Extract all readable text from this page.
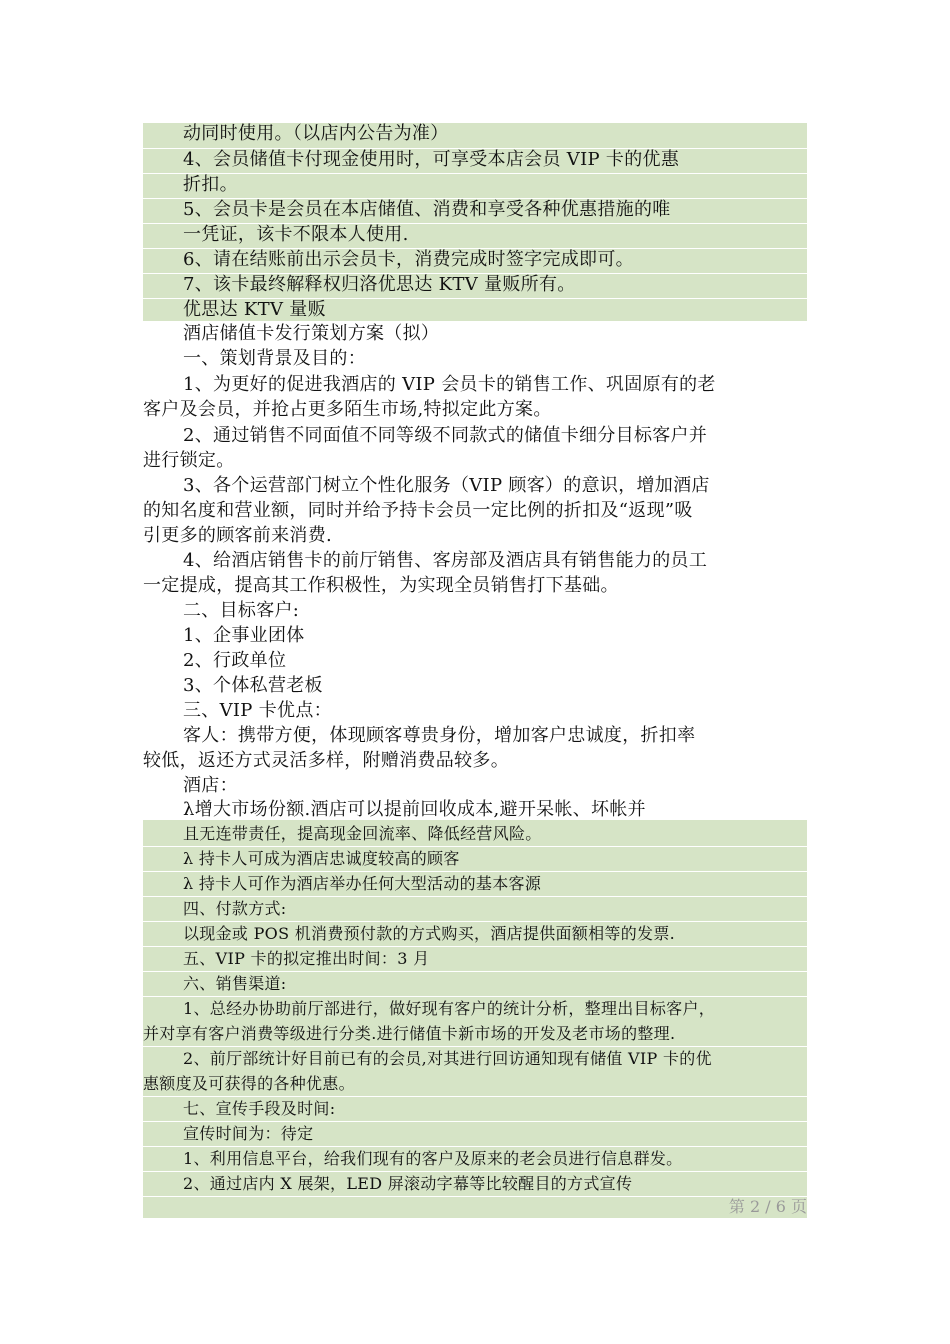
动同时使用。（以店内公告为准）
4、会员储值卡付现金使用时，可享受本店会员 VIP 卡的优惠
折扣。
5、会员卡是会员在本店储值、消费和享受各种优惠措施的唯
一凭证，该卡不限本人使用.
6、请在结账前出示会员卡，消费完成时签字完成即可。
7、该卡最终解释权归洛优思达 KTV 量贩所有。
优思达 KTV 量贩
酒店储值卡发行策划方案（拟）
一、策划背景及目的：
1、为更好的促进我酒店的 VIP 会员卡的销售工作、巩固原有的老
客户及会员，并抢占更多陌生市场,特拟定此方案。
2、通过销售不同面值不同等级不同款式的储值卡细分目标客户并
进行锁定。
3、各个运营部门树立个性化服务（VIP 顾客）的意识，增加酒店
的知名度和营业额，同时并给予持卡会员一定比例的折扣及“返现”吸
引更多的顾客前来消费.
4、给酒店销售卡的前厅销售、客房部及酒店具有销售能力的员工
一定提成，提高其工作积极性，为实现全员销售打下基础。
二、目标客户:
1、企事业团体
2、行政单位
3、个体私营老板
三、VIP 卡优点：
客人：携带方便，体现顾客尊贵身份，增加客户忠诚度，折扣率
较低，返还方式灵活多样，附赠消费品较多。
酒店：
λ增大市场份额.酒店可以提前回收成本,避开呆帐、坏帐并
且无连带责任，提高现金回流率、降低经营风险。
λ 持卡人可成为酒店忠诚度较高的顾客
λ 持卡人可作为酒店举办任何大型活动的基本客源
四、付款方式:
以现金或 POS 机消费预付款的方式购买，酒店提供面额相等的发票.
五、VIP 卡的拟定推出时间：3 月
六、销售渠道:
1、总经办协助前厅部进行，做好现有客户的统计分析，整理出目标客户，
并对享有客户消费等级进行分类.进行储值卡新市场的开发及老市场的整理.
2、前厅部统计好目前已有的会员,对其进行回访通知现有储值 VIP 卡的优
惠额度及可获得的各种优惠。
七、宣传手段及时间:
宣传时间为：待定
1、利用信息平台，给我们现有的客户及原来的老会员进行信息群发。
2、通过店内 X 展架，LED 屏滚动字幕等比较醒目的方式宣传
第 2 / 6 页
